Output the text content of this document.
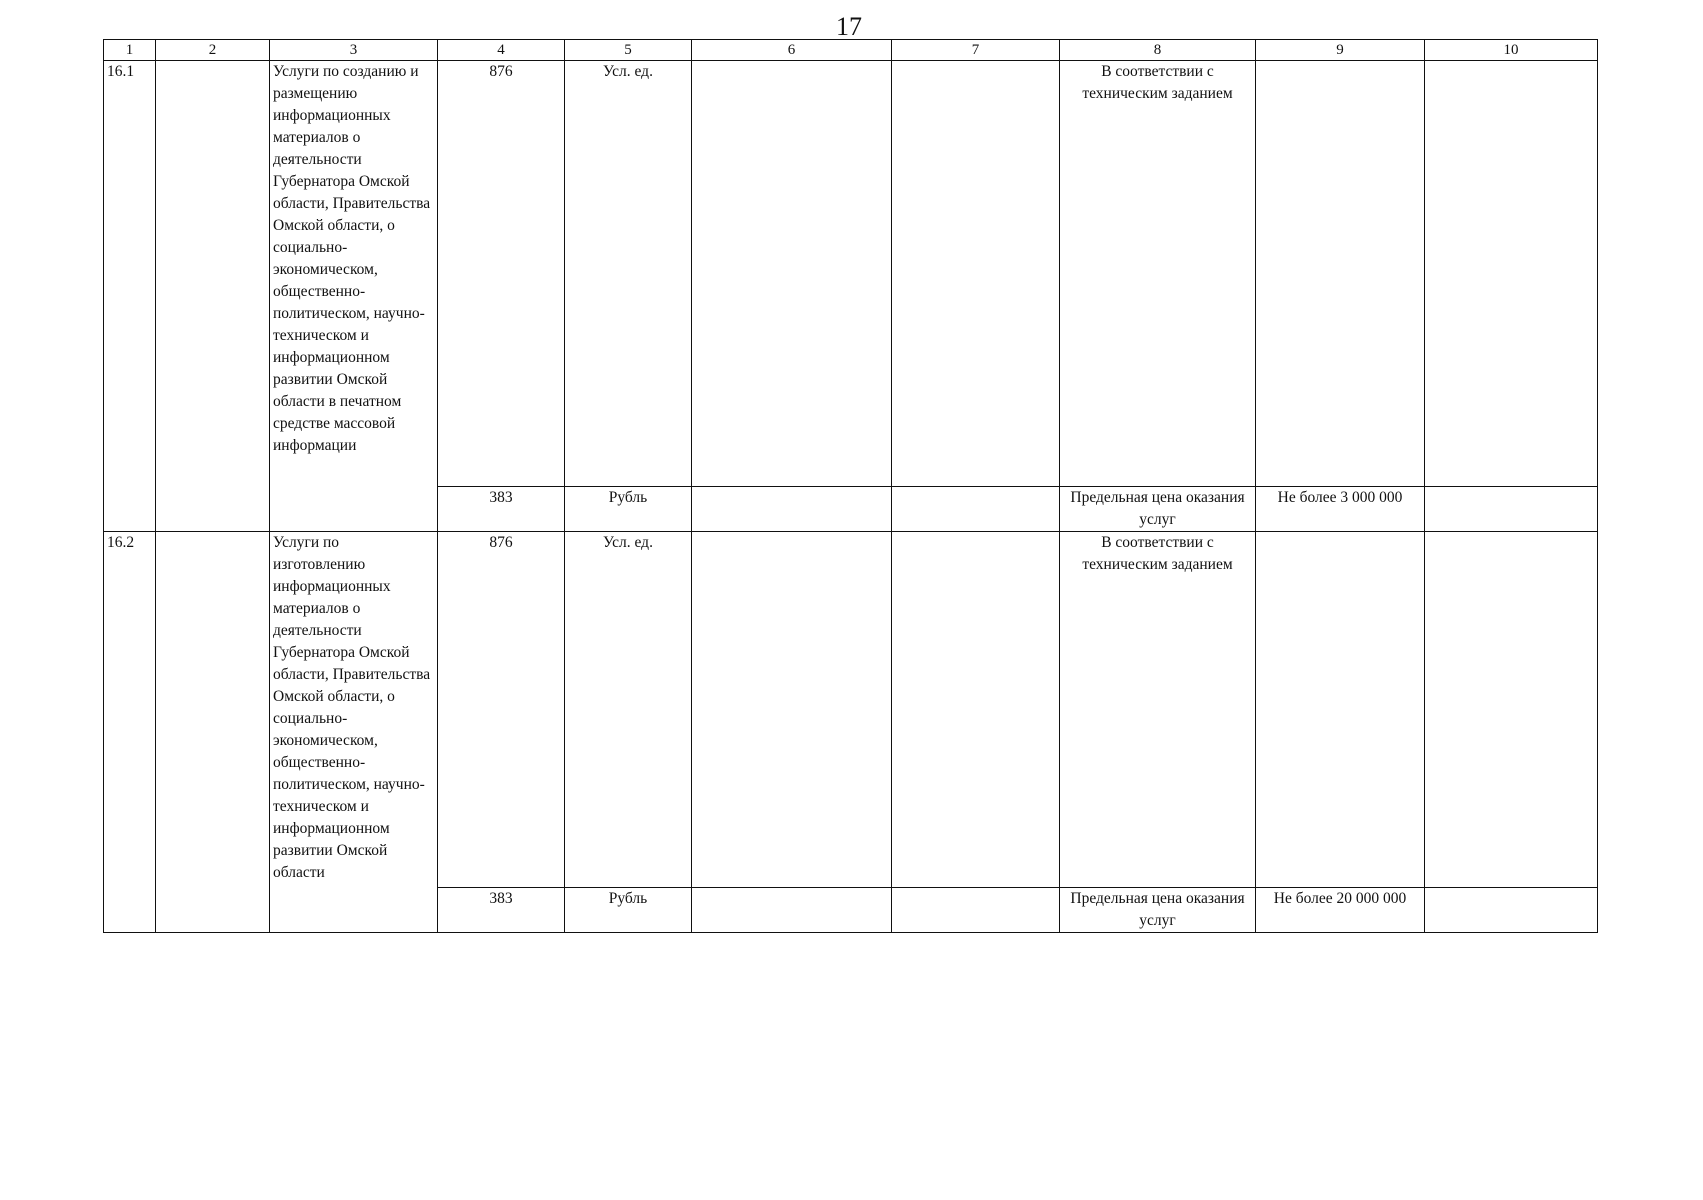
17
1	2	3	4	5	6	7	8	9	10
16.1		Услуги по созданию и размещению информационных материалов о деятельности Губернатора Омской области, Правительства Омской области, о социально-экономическом, общественно-политическом, научно-техническом и информационном развитии Омской области в печатном средстве массовой информации	876	Усл. ед.			В соответствии с техническим заданием		
			383	Рубль			Предельная цена оказания услуг	Не более 3 000 000	
16.2		Услуги по изготовлению информационных материалов о деятельности Губернатора Омской области, Правительства Омской области, о социально-экономическом, общественно-политическом, научно-техническом и информационном развитии Омской области	876	Усл. ед.			В соответствии с техническим заданием		
			383	Рубль			Предельная цена оказания услуг	Не более 20 000 000	
